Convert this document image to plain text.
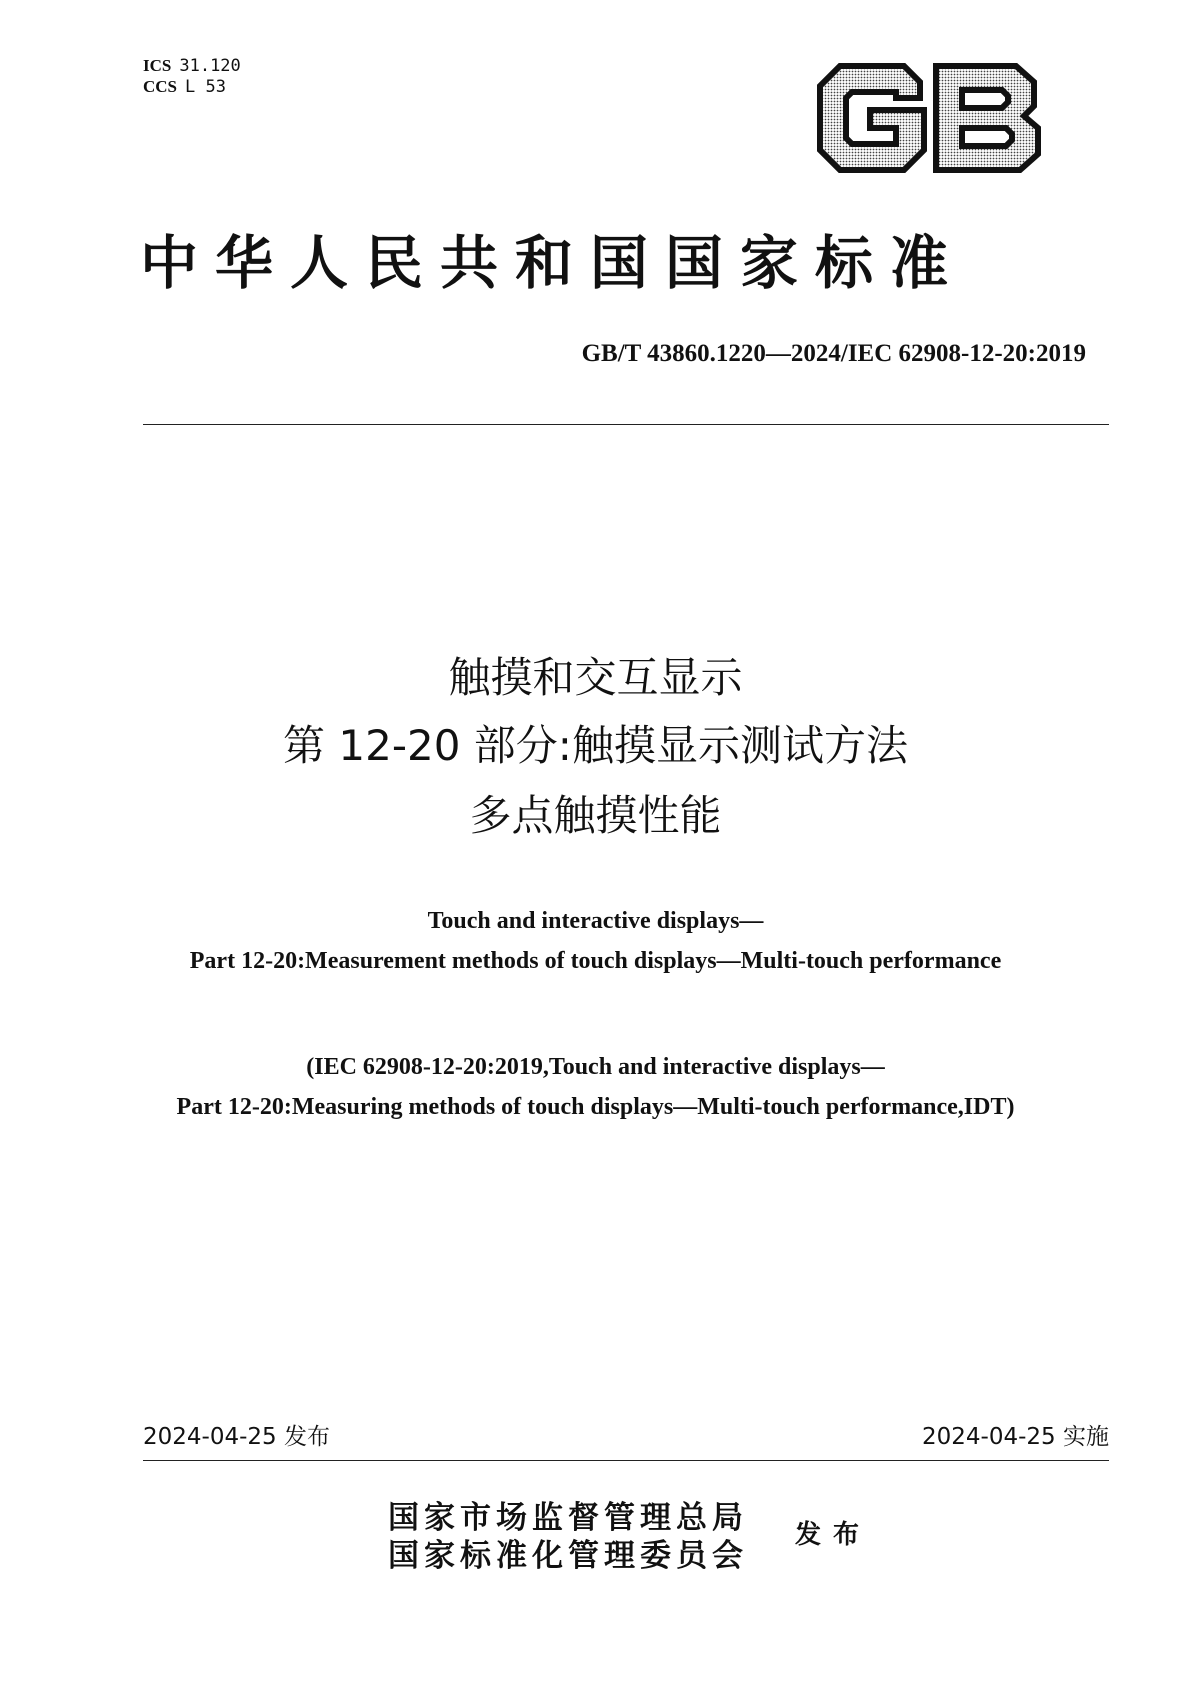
ICS 31.120
CCS L 53
中华人民共和国国家标准
GB/T 43860.1220—2024/IEC 62908-12-20:2019
触摸和交互显示
第 12-20 部分:触摸显示测试方法
多点触摸性能
Touch and interactive displays—
Part 12-20:Measurement methods of touch displays—Multi-touch performance
(IEC 62908-12-20:2019,Touch and interactive displays—
Part 12-20:Measuring methods of touch displays—Multi-touch performance,IDT)
2024-04-25 发布	2024-04-25 实施
国家市场监督管理总局
国家标准化管理委员会
发布
